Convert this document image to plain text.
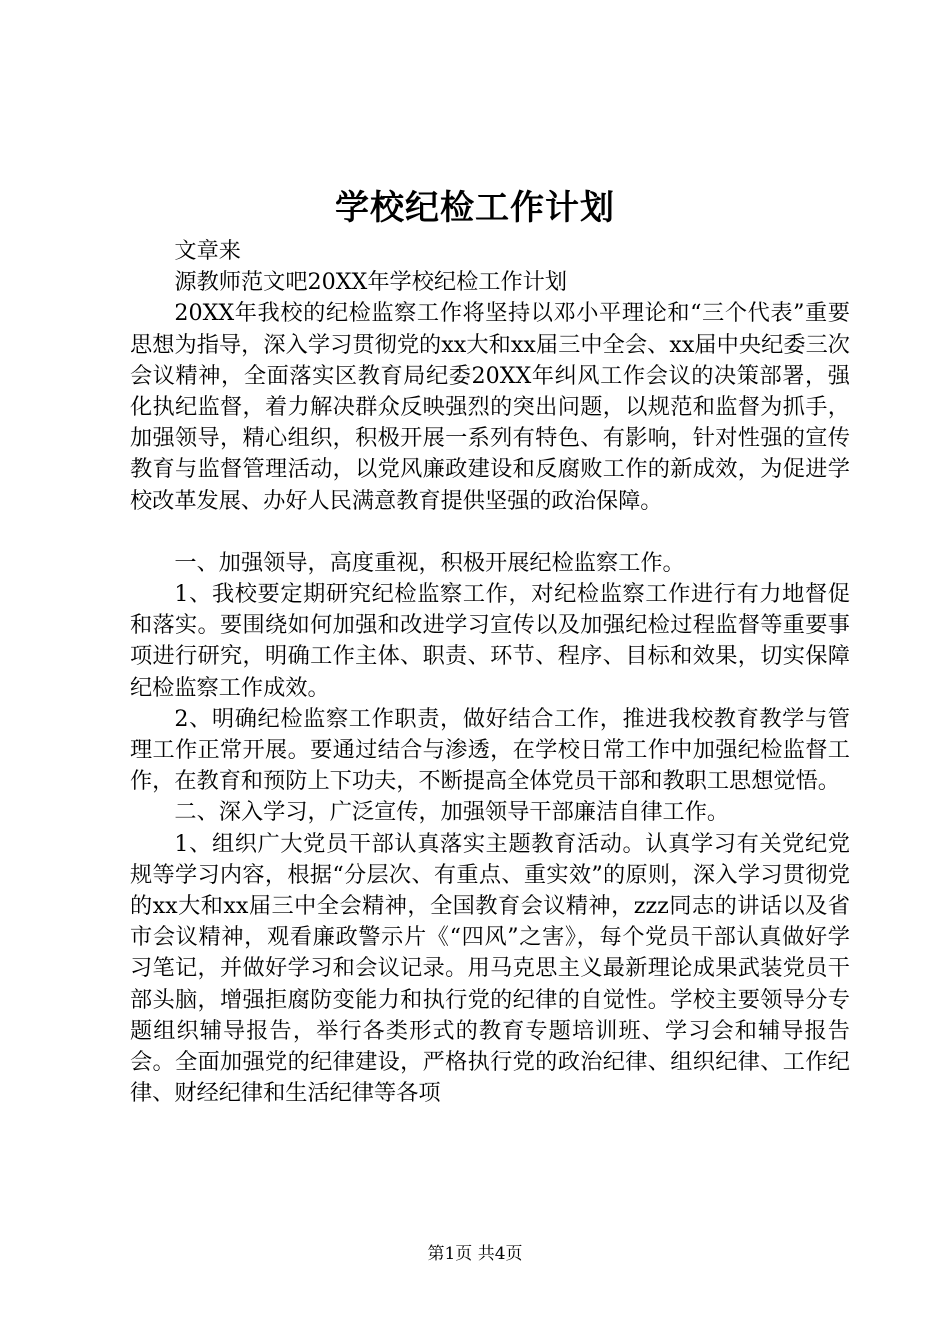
学校纪检工作计划

文章来

源教师范文吧20XX年学校纪检工作计划

20XX年我校的纪检监察工作将坚持以邓小平理论和“三个代表”重要思想为指导，深入学习贯彻党的xx大和xx届三中全会、xx届中央纪委三次会议精神，全面落实区教育局纪委20XX年纠风工作会议的决策部署，强化执纪监督，着力解决群众反映强烈的突出问题，以规范和监督为抓手，加强领导，精心组织，积极开展一系列有特色、有影响，针对性强的宣传教育与监督管理活动，以党风廉政建设和反腐败工作的新成效，为促进学校改革发展、办好人民满意教育提供坚强的政治保障。

一、加强领导，高度重视，积极开展纪检监察工作。

1、我校要定期研究纪检监察工作，对纪检监察工作进行有力地督促和落实。要围绕如何加强和改进学习宣传以及加强纪检过程监督等重要事项进行研究，明确工作主体、职责、环节、程序、目标和效果，切实保障纪检监察工作成效。

2、明确纪检监察工作职责，做好结合工作，推进我校教育教学与管理工作正常开展。要通过结合与渗透，在学校日常工作中加强纪检监督工作，在教育和预防上下功夫，不断提高全体党员干部和教职工思想觉悟。

二、深入学习，广泛宣传，加强领导干部廉洁自律工作。

1、组织广大党员干部认真落实主题教育活动。认真学习有关党纪党规等学习内容，根据“分层次、有重点、重实效”的原则，深入学习贯彻党的xx大和xx届三中全会精神，全国教育会议精神，zzz同志的讲话以及省市会议精神，观看廉政警示片《“四风”之害》，每个党员干部认真做好学习笔记，并做好学习和会议记录。用马克思主义最新理论成果武装党员干部头脑，增强拒腐防变能力和执行党的纪律的自觉性。学校主要领导分专题组织辅导报告，举行各类形式的教育专题培训班、学习会和辅导报告会。全面加强党的纪律建设，严格执行党的政治纪律、组织纪律、工作纪律、财经纪律和生活纪律等各项

第1页 共4页
